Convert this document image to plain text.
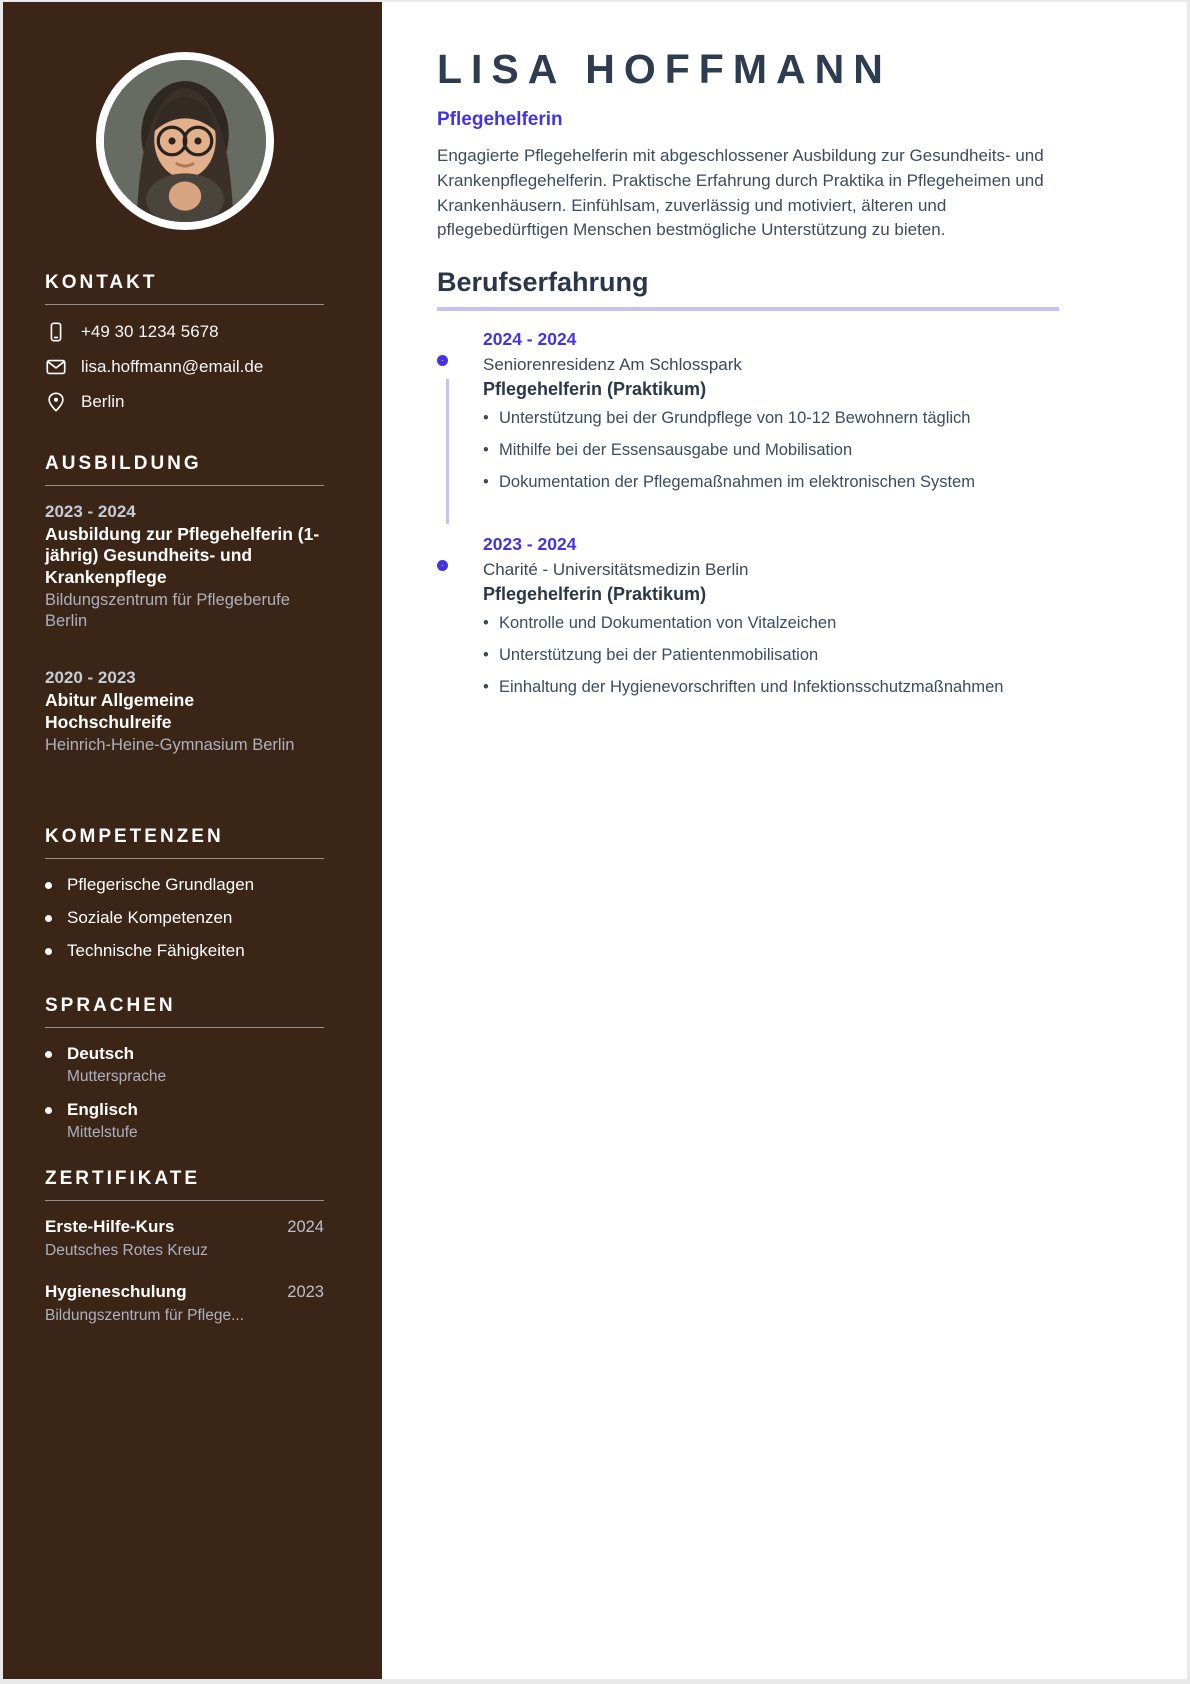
KONTAKT
+49 30 1234 5678
lisa.hoffmann@email.de
Berlin
AUSBILDUNG
2023 - 2024
Ausbildung zur Pflegehelferin (1-jährig) Gesundheits- und Krankenpflege
Bildungszentrum für Pflegeberufe Berlin
2020 - 2023
Abitur Allgemeine Hochschulreife
Heinrich-Heine-Gymnasium Berlin
KOMPETENZEN
Pflegerische Grundlagen
Soziale Kompetenzen
Technische Fähigkeiten
SPRACHEN
Deutsch
Muttersprache
Englisch
Mittelstufe
ZERTIFIKATE
Erste-Hilfe-Kurs	2024
Deutsches Rotes Kreuz
Hygieneschulung	2023
Bildungszentrum für Pflege...
LISA HOFFMANN
Pflegehelferin

Engagierte Pflegehelferin mit abgeschlossener Ausbildung zur Gesundheits- und Krankenpflegehelferin. Praktische Erfahrung durch Praktika in Pflegeheimen und Krankenhäusern. Einfühlsam, zuverlässig und motiviert, älteren und pflegebedürftigen Menschen bestmögliche Unterstützung zu bieten.

Berufserfahrung
2024 - 2024
Seniorenresidenz Am Schlosspark
Pflegehelferin (Praktikum)
• Unterstützung bei der Grundpflege von 10-12 Bewohnern täglich
• Mithilfe bei der Essensausgabe und Mobilisation
• Dokumentation der Pflegemaßnahmen im elektronischen System
2023 - 2024
Charité - Universitätsmedizin Berlin
Pflegehelferin (Praktikum)
• Kontrolle und Dokumentation von Vitalzeichen
• Unterstützung bei der Patientenmobilisation
• Einhaltung der Hygienevorschriften und Infektionsschutzmaßnahmen
